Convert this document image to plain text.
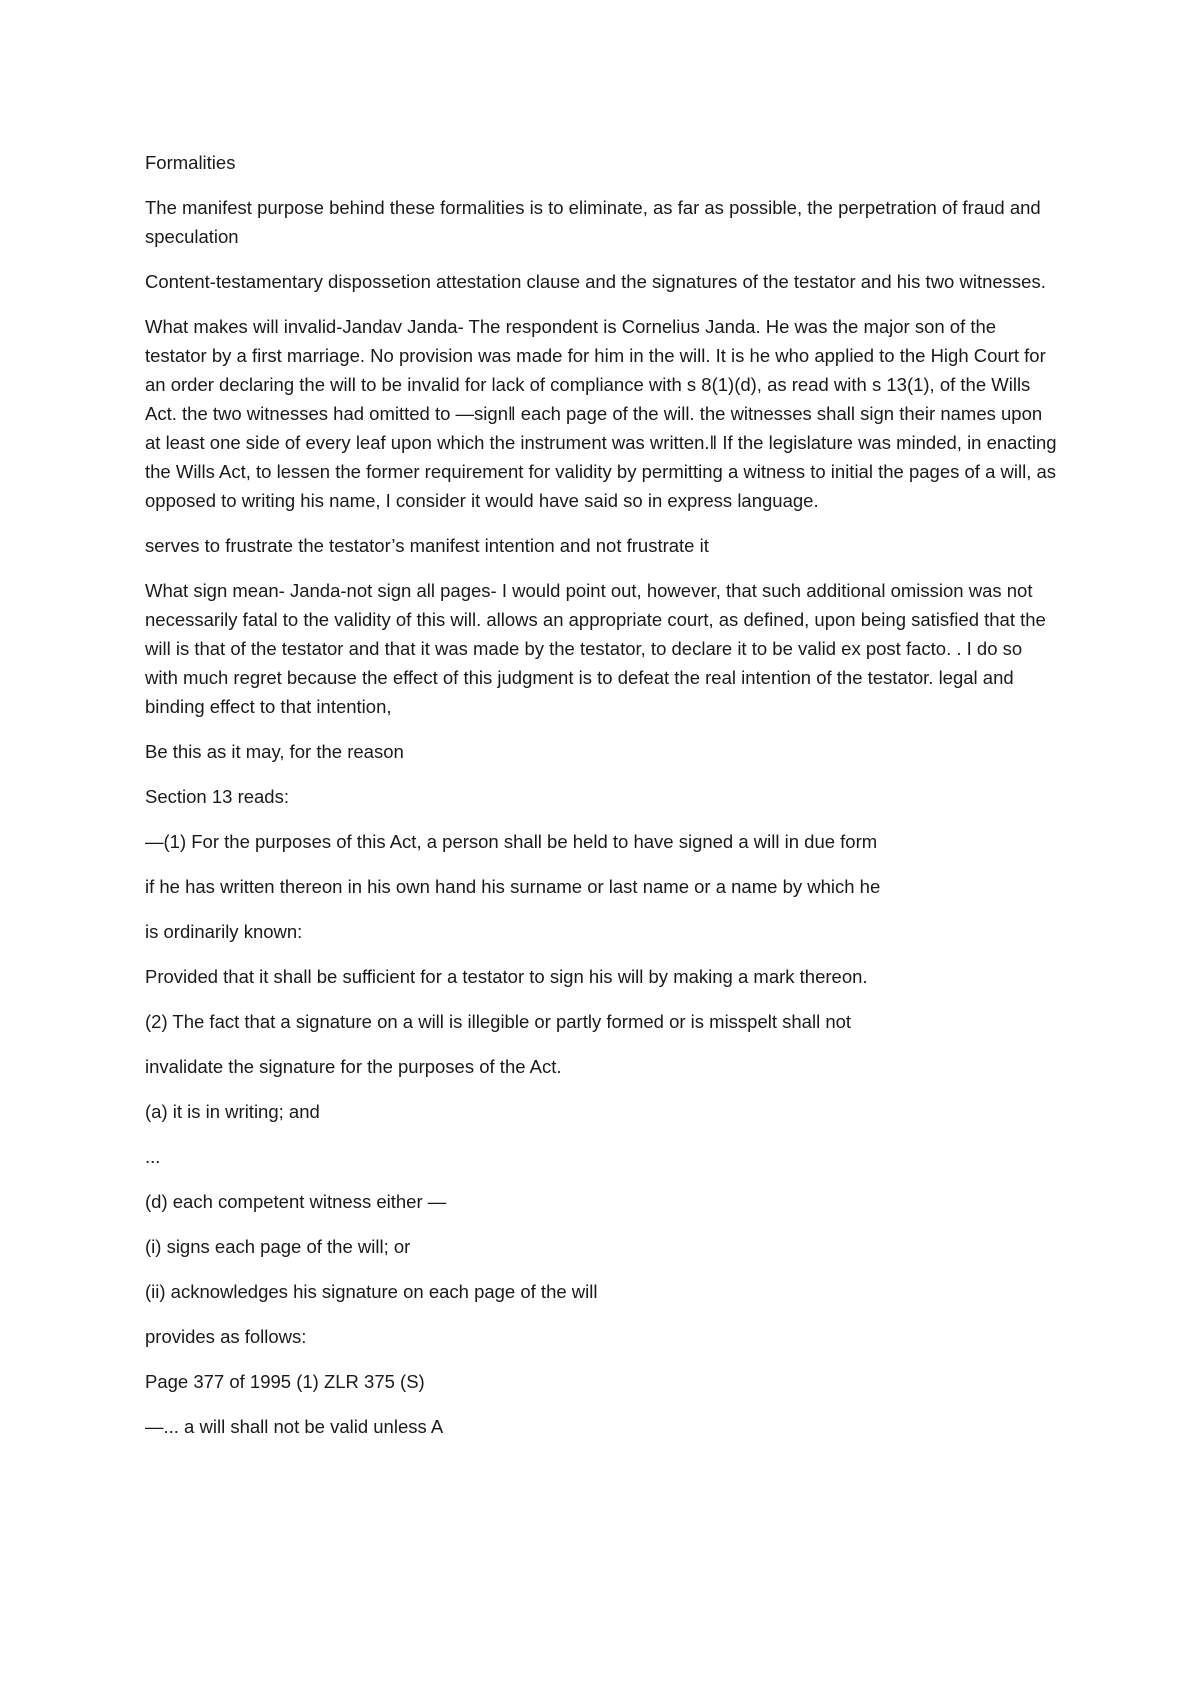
Formalities

The manifest purpose behind these formalities is to eliminate, as far as possible, the perpetration of fraud and speculation

Content-testamentary dispossetion attestation clause and the signatures of the testator and his two witnesses.

What makes will invalid-Jandav Janda- The respondent is Cornelius Janda. He was the major son of the testator by a first marriage. No provision was made for him in the will. It is he who applied to the High Court for an order declaring the will to be invalid for lack of compliance with s 8(1)(d), as read with s 13(1), of the Wills Act. the two witnesses had omitted to ―sign‖ each page of the will. the witnesses shall sign their names upon at least one side of every leaf upon which the instrument was written.‖ If the legislature was minded, in enacting the Wills Act, to lessen the former requirement for validity by permitting a witness to initial the pages of a will, as opposed to writing his name, I consider it would have said so in express language.

serves to frustrate the testator’s manifest intention and not frustrate it

What sign mean- Janda-not sign all pages- I would point out, however, that such additional omission was not necessarily fatal to the validity of this will. allows an appropriate court, as defined, upon being satisfied that the will is that of the testator and that it was made by the testator, to declare it to be valid ex post facto. . I do so with much regret because the effect of this judgment is to defeat the real intention of the testator. legal and binding effect to that intention,

Be this as it may, for the reason

Section 13 reads:

―(1) For the purposes of this Act, a person shall be held to have signed a will in due form

if he has written thereon in his own hand his surname or last name or a name by which he

is ordinarily known:

Provided that it shall be sufficient for a testator to sign his will by making a mark thereon.

(2) The fact that a signature on a will is illegible or partly formed or is misspelt shall not

invalidate the signature for the purposes of the Act.

(a) it is in writing; and

...

(d) each competent witness either ―

(i) signs each page of the will; or

(ii) acknowledges his signature on each page of the will

provides as follows:

Page 377 of 1995 (1) ZLR 375 (S)

―... a will shall not be valid unless A
